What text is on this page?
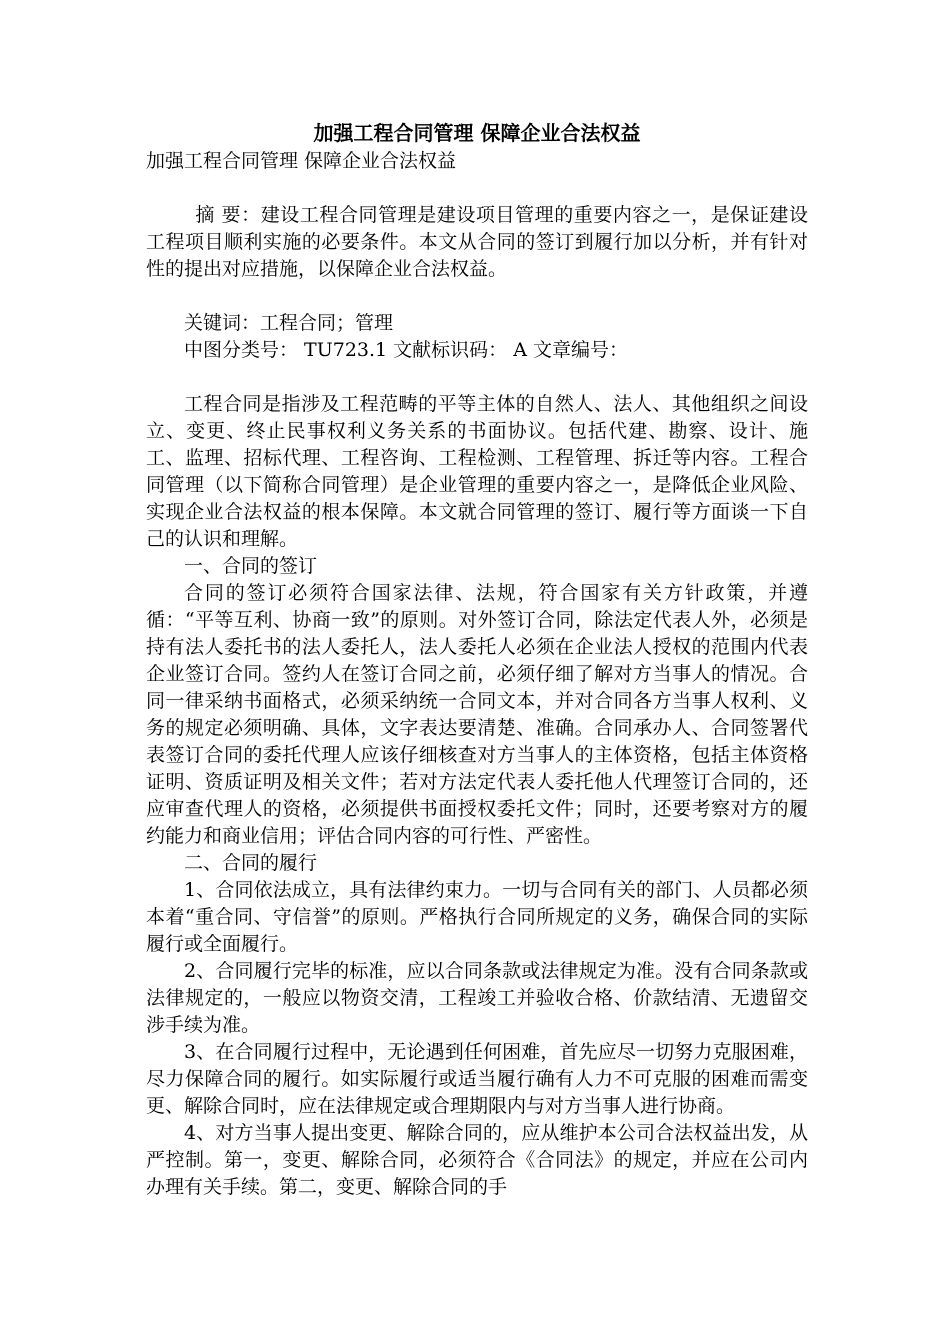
加强工程合同管理 保障企业合法权益
加强工程合同管理 保障企业合法权益

摘 要：建设工程合同管理是建设项目管理的重要内容之一，是保证建设工程项目顺利实施的必要条件。本文从合同的签订到履行加以分析，并有针对性的提出对应措施，以保障企业合法权益。

关键词：工程合同；管理

中图分类号： TU723.1 文献标识码： A 文章编号：

工程合同是指涉及工程范畴的平等主体的自然人、法人、其他组织之间设立、变更、终止民事权利义务关系的书面协议。包括代建、勘察、设计、施工、监理、招标代理、工程咨询、工程检测、工程管理、拆迁等内容。工程合同管理（以下简称合同管理）是企业管理的重要内容之一，是降低企业风险、实现企业合法权益的根本保障。本文就合同管理的签订、履行等方面谈一下自己的认识和理解。

一、合同的签订

合同的签订必须符合国家法律、法规，符合国家有关方针政策，并遵循：“平等互利、协商一致”的原则。对外签订合同，除法定代表人外，必须是持有法人委托书的法人委托人，法人委托人必须在企业法人授权的范围内代表企业签订合同。签约人在签订合同之前，必须仔细了解对方当事人的情况。合同一律采纳书面格式，必须采纳统一合同文本，并对合同各方当事人权利、义务的规定必须明确、具体，文字表达要清楚、准确。合同承办人、合同签署代表签订合同的委托代理人应该仔细核查对方当事人的主体资格，包括主体资格证明、资质证明及相关文件；若对方法定代表人委托他人代理签订合同的，还应审查代理人的资格，必须提供书面授权委托文件；同时，还要考察对方的履约能力和商业信用；评估合同内容的可行性、严密性。

二、合同的履行

1、合同依法成立，具有法律约束力。一切与合同有关的部门、人员都必须本着“重合同、守信誉”的原则。严格执行合同所规定的义务，确保合同的实际履行或全面履行。

2、合同履行完毕的标准，应以合同条款或法律规定为准。没有合同条款或法律规定的，一般应以物资交清，工程竣工并验收合格、价款结清、无遗留交涉手续为准。

3、在合同履行过程中，无论遇到任何困难，首先应尽一切努力克服困难，尽力保障合同的履行。如实际履行或适当履行确有人力不可克服的困难而需变更、解除合同时，应在法律规定或合理期限内与对方当事人进行协商。

4、对方当事人提出变更、解除合同的，应从维护本公司合法权益出发，从严控制。第一，变更、解除合同，必须符合《合同法》的规定，并应在公司内办理有关手续。第二，变更、解除合同的手
